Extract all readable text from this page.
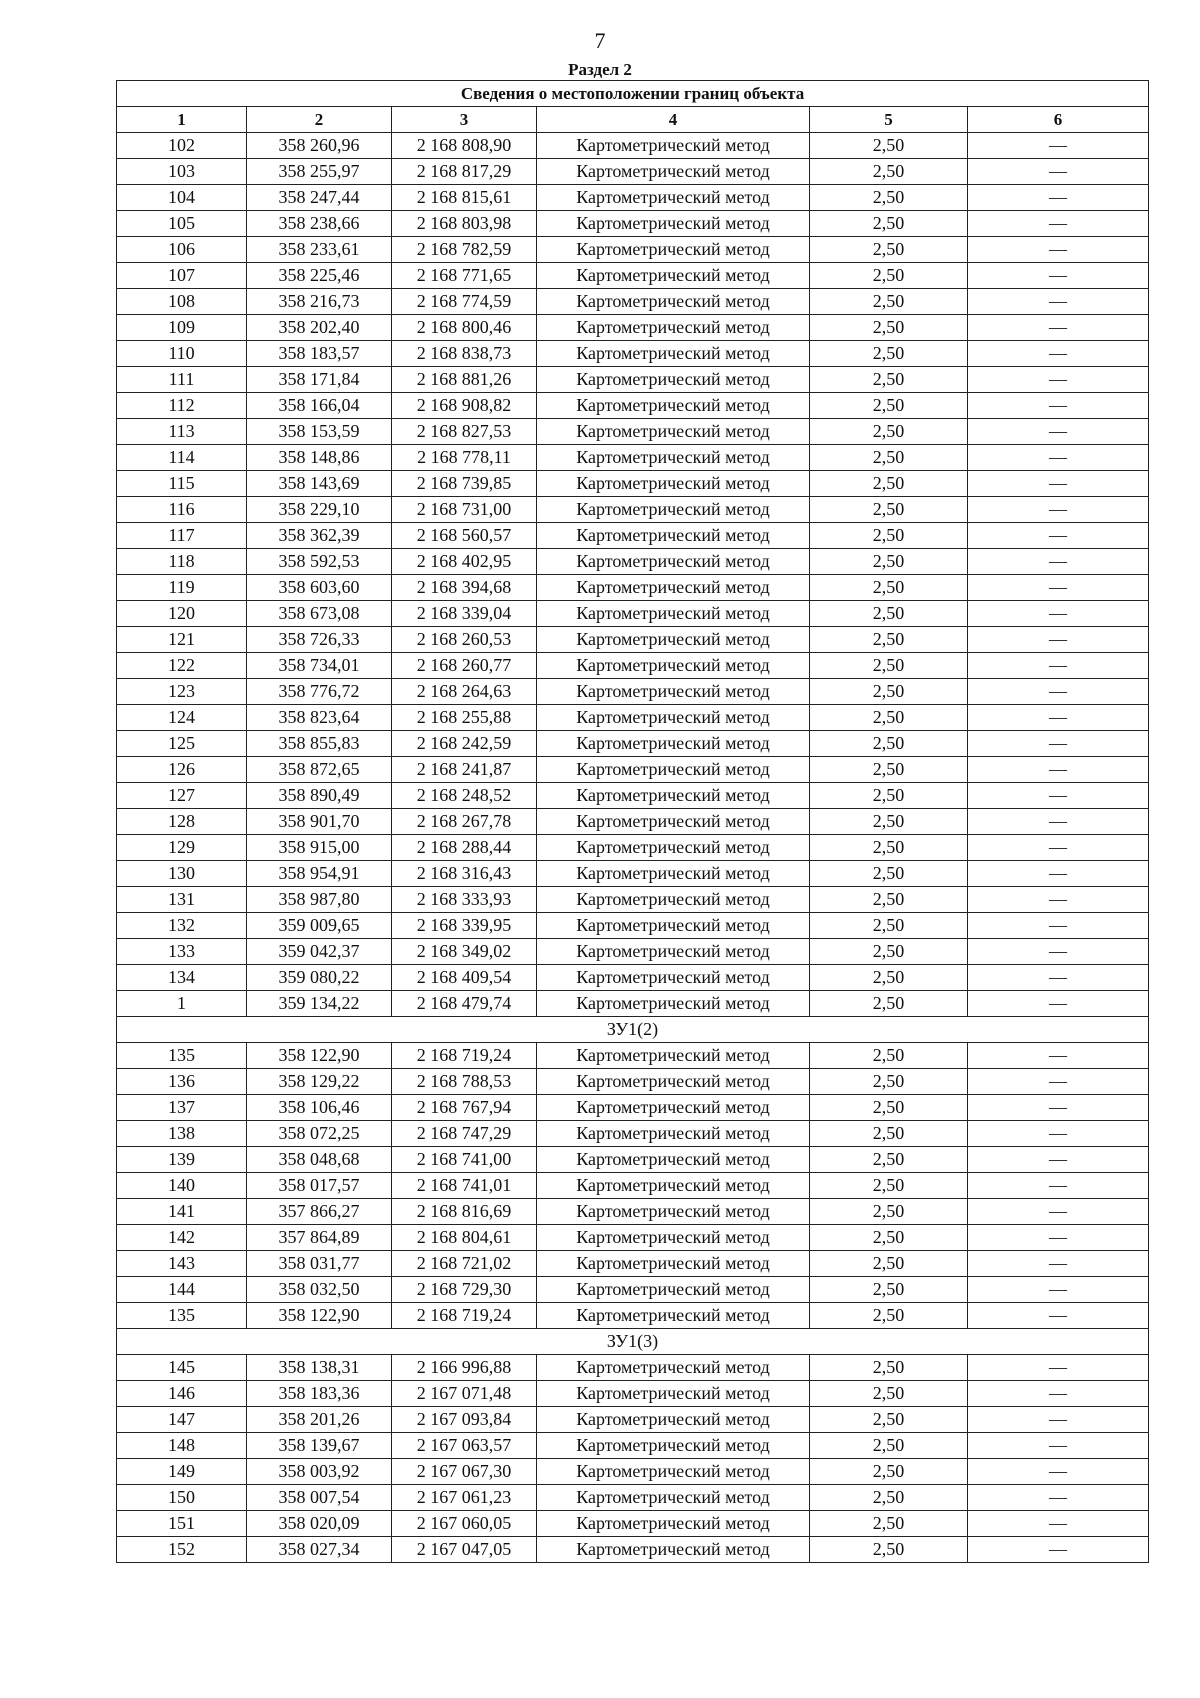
7
Раздел 2
Сведения о местоположении границ объекта					
1	2	3	4	5	6
102	358 260,96	2 168 808,90	Картометрический метод	2,50	—
103	358 255,97	2 168 817,29	Картометрический метод	2,50	—
104	358 247,44	2 168 815,61	Картометрический метод	2,50	—
105	358 238,66	2 168 803,98	Картометрический метод	2,50	—
106	358 233,61	2 168 782,59	Картометрический метод	2,50	—
107	358 225,46	2 168 771,65	Картометрический метод	2,50	—
108	358 216,73	2 168 774,59	Картометрический метод	2,50	—
109	358 202,40	2 168 800,46	Картометрический метод	2,50	—
110	358 183,57	2 168 838,73	Картометрический метод	2,50	—
111	358 171,84	2 168 881,26	Картометрический метод	2,50	—
112	358 166,04	2 168 908,82	Картометрический метод	2,50	—
113	358 153,59	2 168 827,53	Картометрический метод	2,50	—
114	358 148,86	2 168 778,11	Картометрический метод	2,50	—
115	358 143,69	2 168 739,85	Картометрический метод	2,50	—
116	358 229,10	2 168 731,00	Картометрический метод	2,50	—
117	358 362,39	2 168 560,57	Картометрический метод	2,50	—
118	358 592,53	2 168 402,95	Картометрический метод	2,50	—
119	358 603,60	2 168 394,68	Картометрический метод	2,50	—
120	358 673,08	2 168 339,04	Картометрический метод	2,50	—
121	358 726,33	2 168 260,53	Картометрический метод	2,50	—
122	358 734,01	2 168 260,77	Картометрический метод	2,50	—
123	358 776,72	2 168 264,63	Картометрический метод	2,50	—
124	358 823,64	2 168 255,88	Картометрический метод	2,50	—
125	358 855,83	2 168 242,59	Картометрический метод	2,50	—
126	358 872,65	2 168 241,87	Картометрический метод	2,50	—
127	358 890,49	2 168 248,52	Картометрический метод	2,50	—
128	358 901,70	2 168 267,78	Картометрический метод	2,50	—
129	358 915,00	2 168 288,44	Картометрический метод	2,50	—
130	358 954,91	2 168 316,43	Картометрический метод	2,50	—
131	358 987,80	2 168 333,93	Картометрический метод	2,50	—
132	359 009,65	2 168 339,95	Картометрический метод	2,50	—
133	359 042,37	2 168 349,02	Картометрический метод	2,50	—
134	359 080,22	2 168 409,54	Картометрический метод	2,50	—
1	359 134,22	2 168 479,74	Картометрический метод	2,50	—
ЗУ1(2)					
135	358 122,90	2 168 719,24	Картометрический метод	2,50	—
136	358 129,22	2 168 788,53	Картометрический метод	2,50	—
137	358 106,46	2 168 767,94	Картометрический метод	2,50	—
138	358 072,25	2 168 747,29	Картометрический метод	2,50	—
139	358 048,68	2 168 741,00	Картометрический метод	2,50	—
140	358 017,57	2 168 741,01	Картометрический метод	2,50	—
141	357 866,27	2 168 816,69	Картометрический метод	2,50	—
142	357 864,89	2 168 804,61	Картометрический метод	2,50	—
143	358 031,77	2 168 721,02	Картометрический метод	2,50	—
144	358 032,50	2 168 729,30	Картометрический метод	2,50	—
135	358 122,90	2 168 719,24	Картометрический метод	2,50	—
ЗУ1(3)					
145	358 138,31	2 166 996,88	Картометрический метод	2,50	—
146	358 183,36	2 167 071,48	Картометрический метод	2,50	—
147	358 201,26	2 167 093,84	Картометрический метод	2,50	—
148	358 139,67	2 167 063,57	Картометрический метод	2,50	—
149	358 003,92	2 167 067,30	Картометрический метод	2,50	—
150	358 007,54	2 167 061,23	Картометрический метод	2,50	—
151	358 020,09	2 167 060,05	Картометрический метод	2,50	—
152	358 027,34	2 167 047,05	Картометрический метод	2,50	—
